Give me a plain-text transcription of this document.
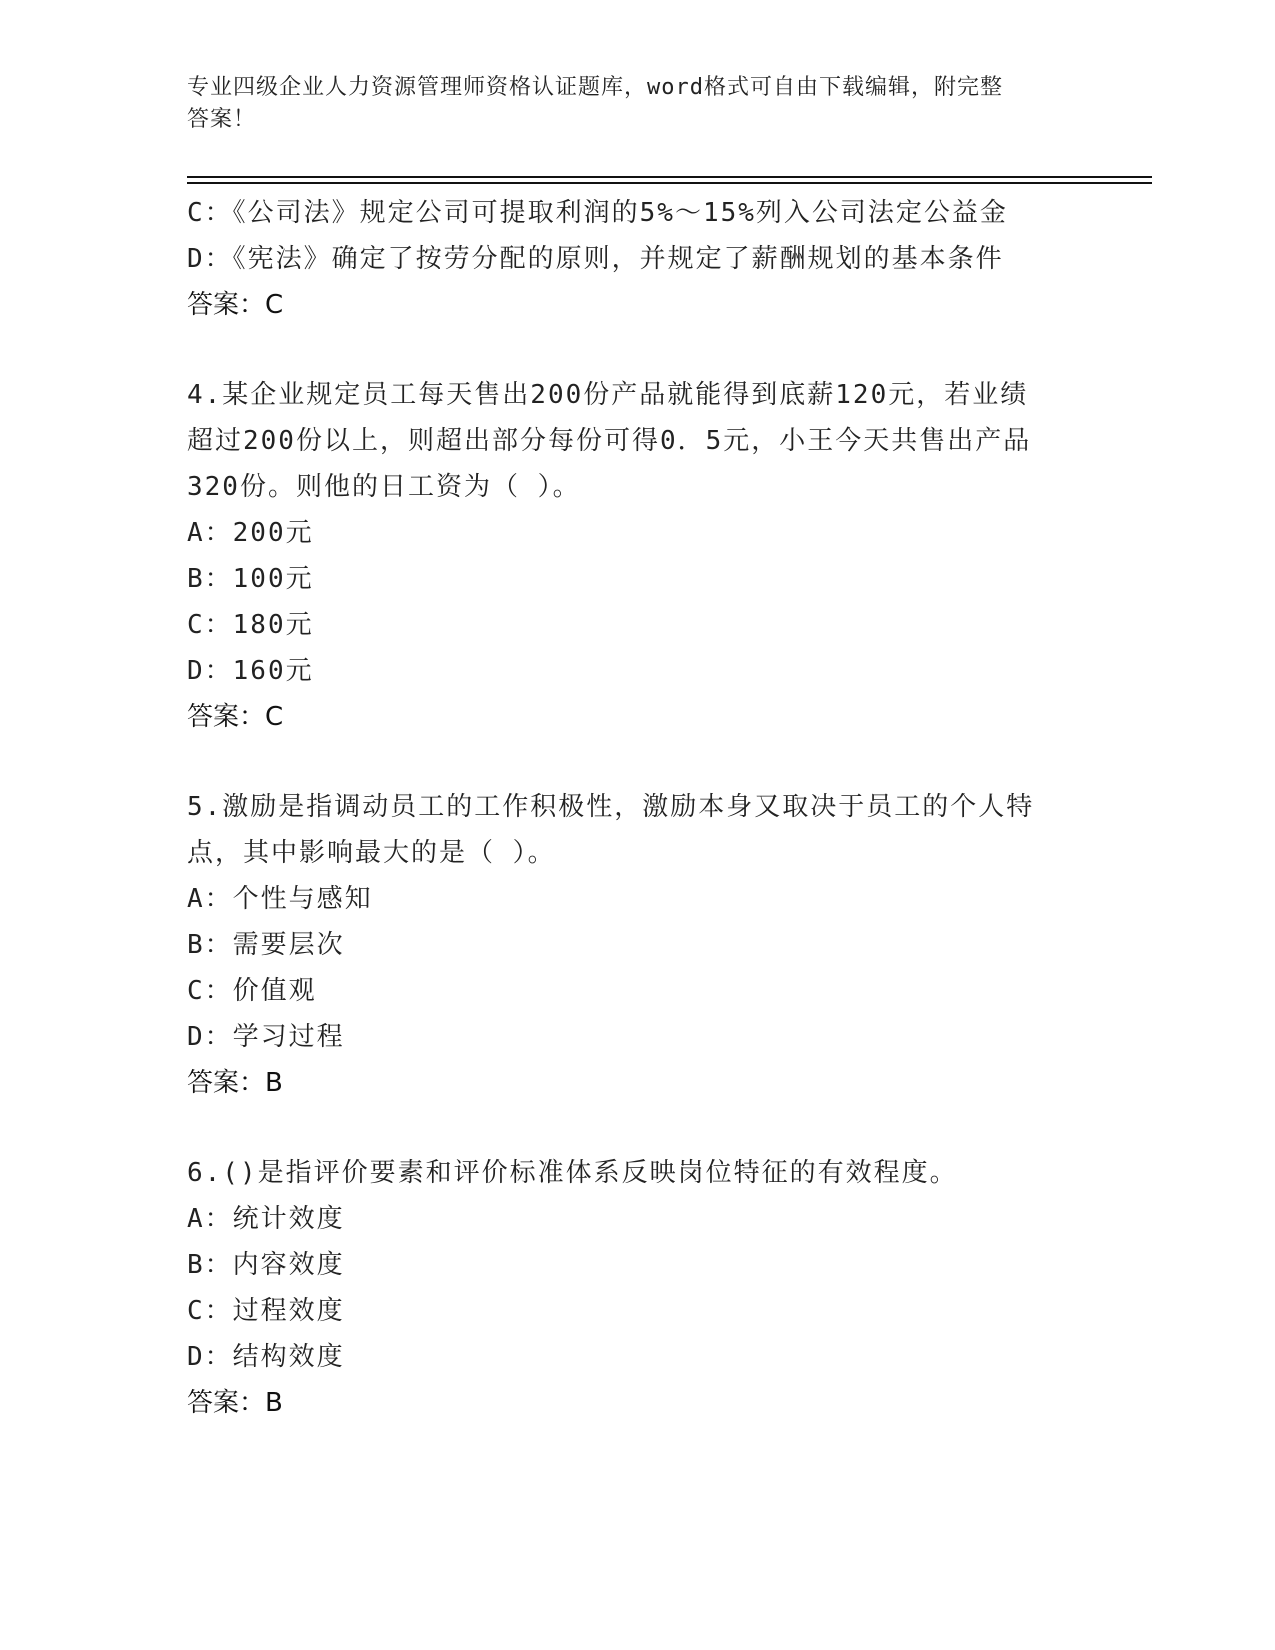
专业四级企业人力资源管理师资格认证题库，word格式可自由下载编辑，附完整
答案！
C：《公司法》规定公司可提取利润的5%～15%列入公司法定公益金
D：《宪法》确定了按劳分配的原则，并规定了薪酬规划的基本条件
答案：C
4.某企业规定员工每天售出200份产品就能得到底薪120元，若业绩
超过200份以上，则超出部分每份可得0．5元，小王今天共售出产品
320份。则他的日工资为（ ）。
A：200元
B：100元
C：180元
D：160元
答案：C
5.激励是指调动员工的工作积极性，激励本身又取决于员工的个人特
点，其中影响最大的是（ ）。
A：个性与感知
B：需要层次
C：价值观
D：学习过程
答案：B
6.()是指评价要素和评价标准体系反映岗位特征的有效程度。
A：统计效度
B：内容效度
C：过程效度
D：结构效度
答案：B
